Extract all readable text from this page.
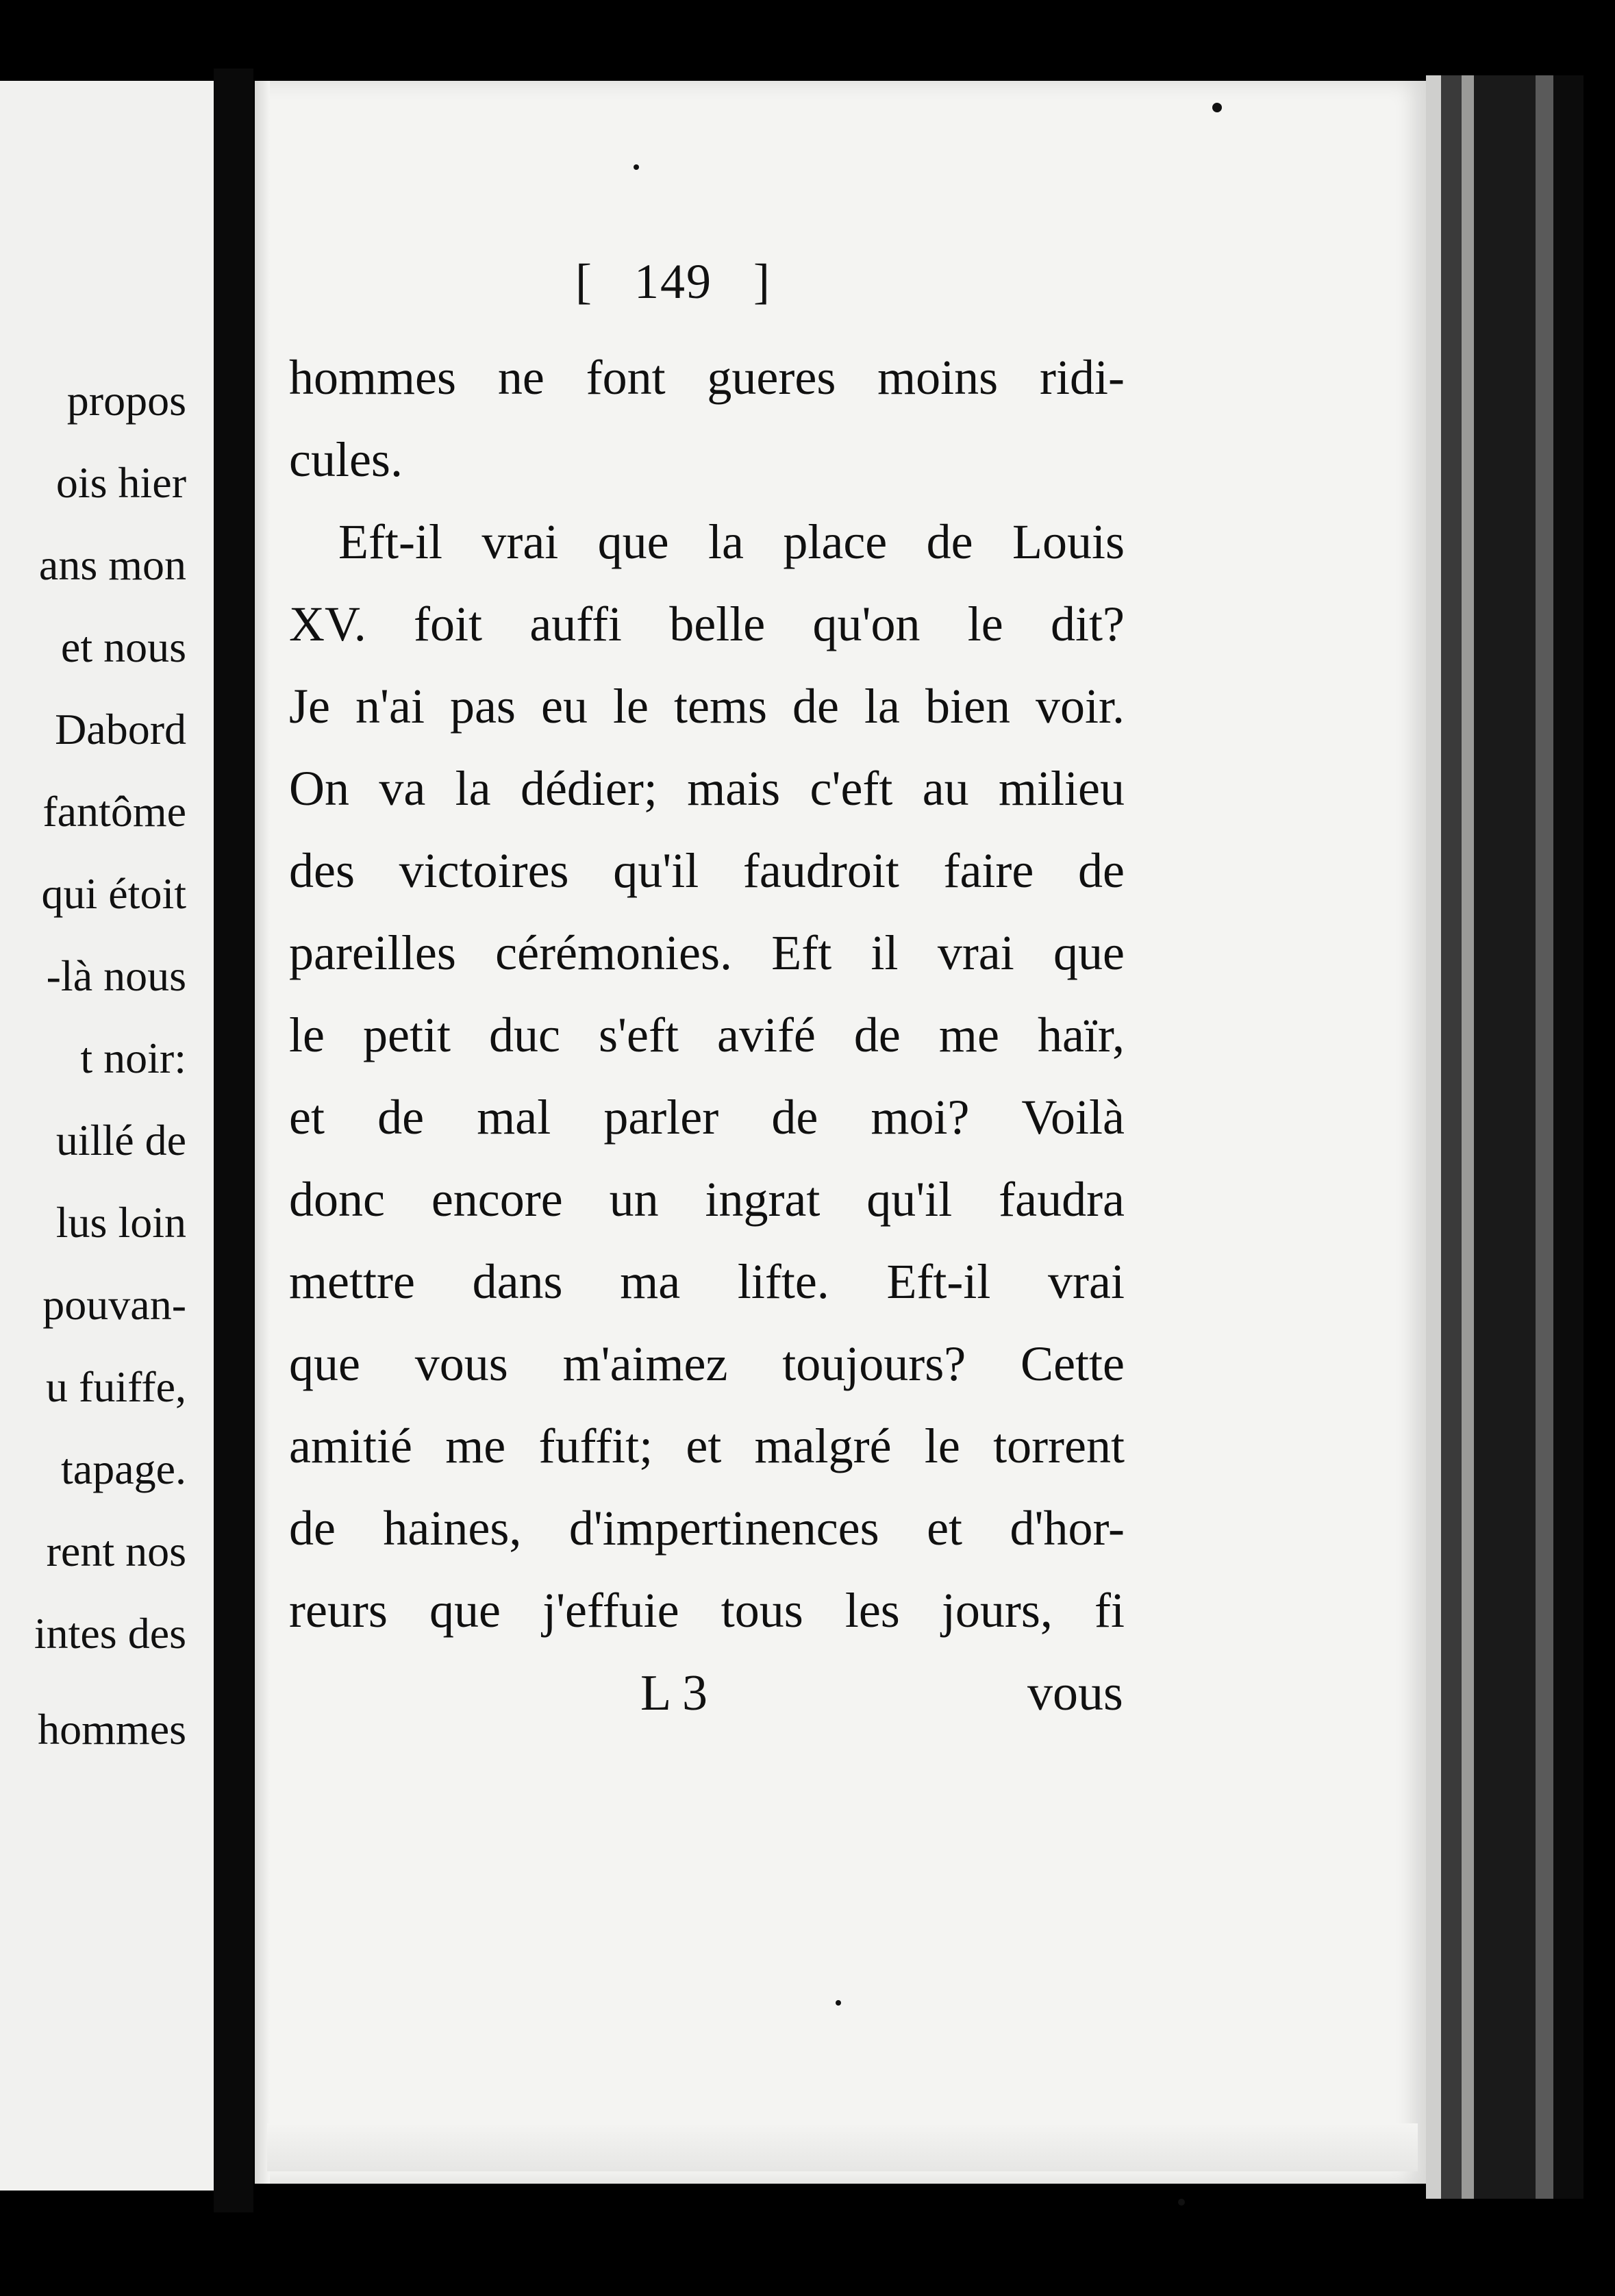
propos
ois hier
ans mon
et nous
Dabord
fantôme
qui étoit
-là nous
t noir:
uillé de
lus loin
pouvan-
u fuiffe,
tapage.
rent nos
intes des
hommes
[   149   ]
hommes ne font gueres moins ridi-
cules.
Eft-il vrai que la place de Louis
XV. foit auffi belle qu'on le dit?
Je n'ai pas eu le tems de la bien voir.
On va la dédier; mais c'eft au milieu
des victoires qu'il faudroit faire de
pareilles cérémonies. Eft il vrai que
le petit duc s'eft avifé de me haïr,
et de mal parler de moi? Voilà
donc encore un ingrat qu'il faudra
mettre dans ma lifte. Eft-il vrai
que vous m'aimez toujours? Cette
amitié me fuffit; et malgré le torrent
de haines, d'impertinences et d'hor-
reurs que j'effuie tous les jours, fi
L 3	vous
